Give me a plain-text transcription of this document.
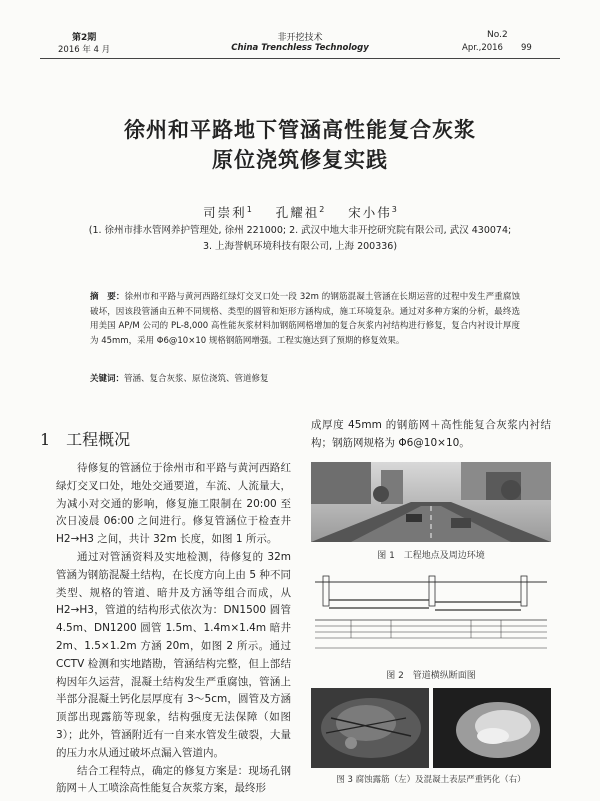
第2期
2016 年 4 月
非开挖技术
China Trenchless Technology
No.2
Apr.,2016 99
徐州和平路地下管涵高性能复合灰浆
原位浇筑修复实践
司崇利$^1$ 孔耀祖$^2$ 宋小伟$^3$
(1. 徐州市排水管网养护管理处, 徐州 221000; 2. 武汉中地大非开挖研究院有限公司, 武汉 430074;
3. 上海誉帆环境科技有限公司, 上海 200336)
摘　要：徐州市和平路与黄河西路红绿灯交叉口处一段 32m 的钢筋混凝土管涵在长期运营的过程中发生严重腐蚀破坏，因该段管涵由五种不同规格、类型的圆管和矩形方涵构成，施工环境复杂。通过对多种方案的分析，最终选用美国 AP/M 公司的 PL-8,000 高性能灰浆材料加钢筋网格增加的复合灰浆内衬结构进行修复，复合内衬设计厚度为 45mm，采用 Φ6@10×10 规格钢筋网增强。工程实施达到了预期的修复效果。
关键词：管涵、复合灰浆、原位浇筑、管道修复
1　工程概况

待修复的管涵位于徐州市和平路与黄河西路红绿灯交叉口处，地处交通要道，车流、人流量大，为减小对交通的影响，修复施工限制在 20:00 至次日凌晨 06:00 之间进行。修复管涵位于检查井 H2→H3 之间，共计 32m 长度，如图 1 所示。

通过对管涵资料及实地检测，待修复的 32m 管涵为钢筋混凝土结构，在长度方向上由 5 种不同类型、规格的管道、暗井及方涵等组合而成，从 H2→H3，管道的结构形式依次为：DN1500 圆管 4.5m、DN1200 圆管 1.5m、1.4m×1.4m 暗井 2m、1.5×1.2m 方涵 20m，如图 2 所示。通过 CCTV 检测和实地踏勘，管涵结构完整，但上部结构因年久运营，混凝土结构发生严重腐蚀，管涵上半部分混凝土钙化层厚度有 3～5cm，圆管及方涵顶部出现露筋等现象，结构强度无法保障（如图 3）；此外，管涵附近有一自来水管发生破裂，大量的压力水从通过破坏点漏入管道内。

结合工程特点，确定的修复方案是：现场孔钢筋网＋人工喷涂高性能复合灰浆方案，最终形

成厚度 45mm 的钢筋网＋高性能复合灰浆内衬结构；钢筋网规格为 Φ6@10×10。

图 1　工程地点及周边环境
图 2　管道横纵断面图
图 3 腐蚀露筋（左）及混凝土表层严重钙化（右）
